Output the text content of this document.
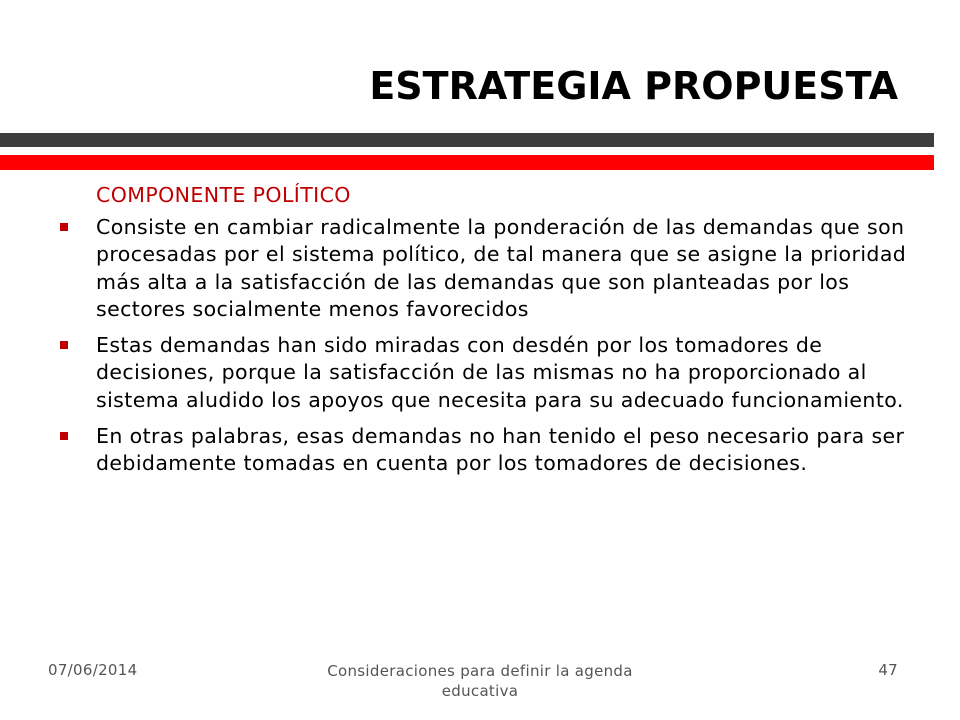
ESTRATEGIA PROPUESTA
COMPONENTE POLÍTICO
Consiste en cambiar radicalmente la ponderación de las demandas que son procesadas por el sistema político, de tal manera que se asigne la prioridad más alta a la satisfacción de las demandas que son planteadas por los sectores socialmente menos favorecidos
Estas demandas han sido miradas con desdén por los tomadores de decisiones, porque la satisfacción de las mismas no ha proporcionado al sistema aludido los apoyos que necesita para su adecuado funcionamiento.
En otras palabras, esas demandas no han tenido el peso necesario para ser debidamente tomadas en cuenta por los tomadores de decisiones.
07/06/2014	Consideraciones para definir la agenda educativa
47
